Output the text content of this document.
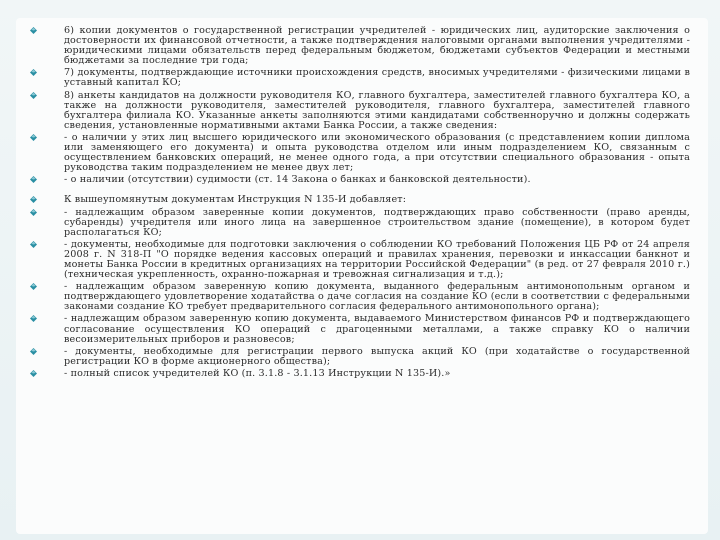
6) копии документов о государственной регистрации учредителей - юридических лиц, аудиторские заключения о достоверности их финансовой отчетности, а также подтверждения налоговыми органами выполнения учредителями - юридическими лицами обязательств перед федеральным бюджетом, бюджетами субъектов Федерации и местными бюджетами за последние три года;
7) документы, подтверждающие источники происхождения средств, вносимых учредителями - физическими лицами в уставный капитал КО;
8) анкеты кандидатов на должности руководителя КО, главного бухгалтера, заместителей главного бухгалтера КО, а также на должности руководителя, заместителей руководителя, главного бухгалтера, заместителей главного бухгалтера филиала КО. Указанные анкеты заполняются этими кандидатами собственноручно и должны содержать сведения, установленные нормативными актами Банка России, а также сведения:
- о наличии у этих лиц высшего юридического или экономического образования (с представлением копии диплома или заменяющего его документа) и опыта руководства отделом или иным подразделением КО, связанным с осуществлением банковских операций, не менее одного года, а при отсутствии специального образования - опыта руководства таким подразделением не менее двух лет;
- о наличии (отсутствии) судимости (ст. 14 Закона о банках и банковской деятельности).
К вышеупомянутым документам Инструкция N 135-И добавляет:
- надлежащим образом заверенные копии документов, подтверждающих право собственности (право аренды, субаренды) учредителя или иного лица на завершенное строительством здание (помещение), в котором будет располагаться КО;
- документы, необходимые для подготовки заключения о соблюдении КО требований Положения ЦБ РФ от 24 апреля 2008 г. N 318-П "О порядке ведения кассовых операций и правилах хранения, перевозки и инкассации банкнот и монеты Банка России в кредитных организациях на территории Российской Федерации" (в ред. от 27 февраля 2010 г.) (техническая укрепленность, охранно-пожарная и тревожная сигнализация и т.д.);
- надлежащим образом заверенную копию документа, выданного федеральным антимонопольным органом и подтверждающего удовлетворение ходатайства о даче согласия на создание КО (если в соответствии с федеральными законами создание КО требует предварительного согласия федерального антимонопольного органа);
- надлежащим образом заверенную копию документа, выдаваемого Министерством финансов РФ и подтверждающего согласование осуществления КО операций с драгоценными металлами, а также справку КО о наличии весоизмерительных приборов и разновесов;
- документы, необходимые для регистрации первого выпуска акций КО (при ходатайстве о государственной регистрации КО в форме акционерного общества);
- полный список учредителей КО (п. 3.1.8 - 3.1.13 Инструкции N 135-И).»
